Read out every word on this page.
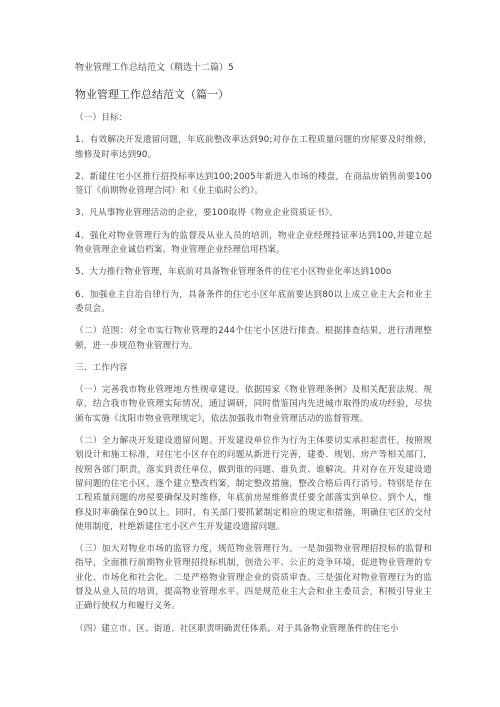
物业管理工作总结范文（精选十二篇）5
物业管理工作总结范文（篇一）

（一）目标：

1、有效解决开发遗留问题，年底前整改率达到90;对存在工程质量问题的房屋要及时维修，维修及时率达到90。

2、新建住宅小区推行招投标率达到100;2005年新进入市场的楼盘，在商品房销售前要100签订《前期物业管理合同》和《业主临时公约》。

3、凡从事物业管理活动的企业，要100取得《物业企业资质证书》。

4、强化对物业管理行为的监督及从业人员的培训，物业企业经理持证率达到100,并建立起物业管理企业诚信档案、物业管理企业经理信用档案。

5、大力推行物业管理，年底前对具备物业管理条件的住宅小区物业化率达到100o

6、加强业主自治自律行为，具备条件的住宅小区年底前要达到80以上成立业主大会和业主委员会。

（二）范围：对全市实行物业管理的244个住宅小区进行排查。根据排查结果，进行清理整顿，进一步规范物业管理行为。

三、工作内容

（一）完善我市物业管理地方性规章建设。依据国家《物业管理条例》及相关配套法规、规章，结合我市物业管理实际情况，通过调研，同时借鉴国内先进城市取得的成功经验，尽快颁布实施《沈阳市物业管理规定》，依法加强我市物业管理活动的监督管理。

（二）全力解决开发建设遗留问题。开发建设单位作为行为主体要切实承担起责任，按照规划设计和施工标准，对住宅小区存在的问题从新进行完善，建委、规划、房产等相关部门，按照各部门职责，落实到责任单位，做到谁的问题、谁负责、谁解决。并对存在开发建设遗留问题的住宅小区，逐个建立整改档案，制定整改措施，整改合格后再行消号。特别是存在工程质量问题的房屋要确保及时维修，年底前房屋维修责任要全部落实到单位、到个人，维修及时率确保在90以上。同时，有关部门要抓紧制定相应的规定和措施，明确住宅区的交付使用制度，杜绝新建住宅小区产生开发建设遗留问题。

（三）加大对物业市场的监管力度，规范物业管理行为。一是加强物业管理招投标的监督和指导，全面推行前期物业管理招投标机制，创造公平、公正的竞争环境，促进物业管理的专业化、市场化和社会化。二是严格物业管理企业的资质审查。三是强化对物业管理行为的监督及从业人员的培训，提高物业管理水平。四是规范业主大会和业主委员会，积极引导业主正确行使权力和履行义务。

（四）建立市、区、街道、社区职责明确责任体系。对于具备物业管理条件的住宅小
